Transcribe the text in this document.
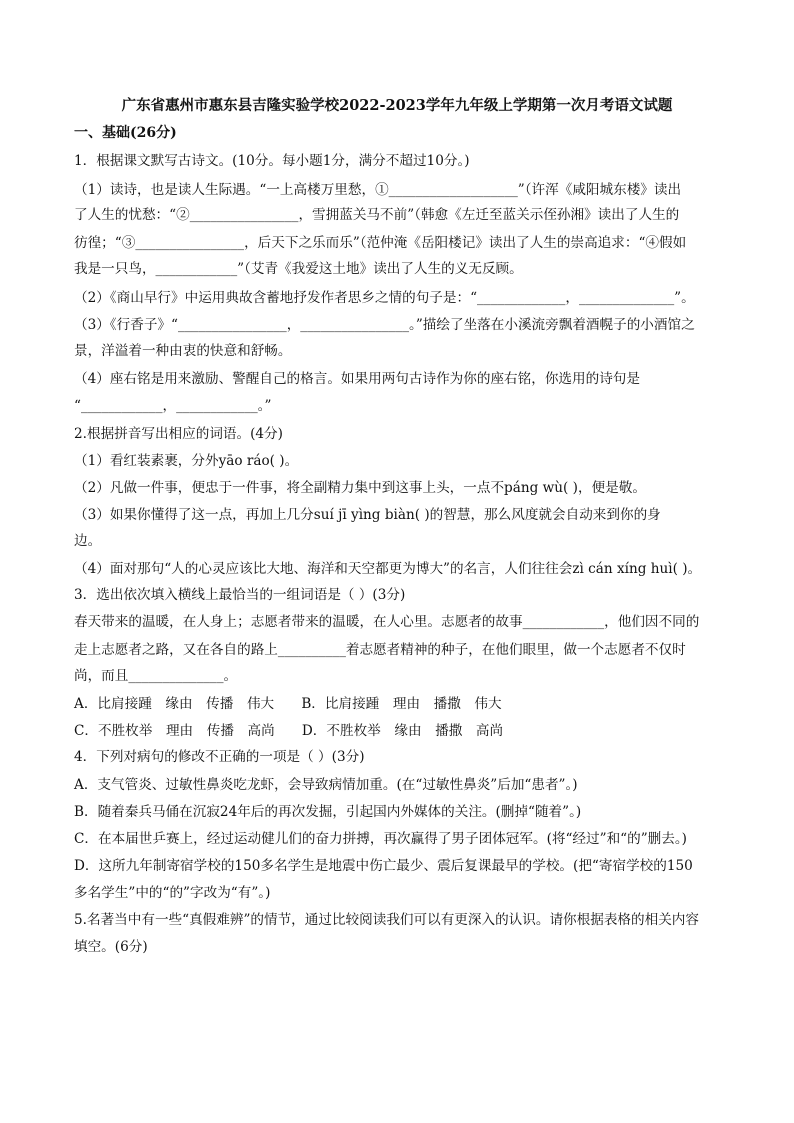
广东省惠州市惠东县吉隆实验学校2022-2023学年九年级上学期第一次月考语文试题
一、基础(26分)
1．根据课文默写古诗文。(10分。每小题1分，满分不超过10分。)
（1）读诗，也是读人生际遇。“一上高楼万里愁，①___________________”（许浑《咸阳城东楼》读出
了人生的忧愁：“②________________，雪拥蓝关马不前”（韩愈《左迁至蓝关示侄孙湘》读出了人生的
彷徨；“③________________，后天下之乐而乐”（范仲淹《岳阳楼记》读出了人生的崇高追求：“④假如
我是一只鸟，____________”（艾青《我爱这土地》读出了人生的义无反顾。
（2）《商山早行》中运用典故含蓄地抒发作者思乡之情的句子是：“_____________，______________”。
（3）《行香子》“________________，________________。”描绘了坐落在小溪流旁飘着酒幌子的小酒馆之
景，洋溢着一种由衷的快意和舒畅。
（4）座右铭是用来激励、警醒自己的格言。如果用两句古诗作为你的座右铭，你选用的诗句是
“____________，____________。”
2.根据拼音写出相应的词语。(4分)
（1）看红装素裹，分外yāo ráo( )。
（2）凡做一件事，便忠于一件事，将全副精力集中到这事上头，一点不páng wù( )，便是敬。
（3）如果你懂得了这一点，再加上几分suí jī yìng biàn( )的智慧，那么风度就会自动来到你的身
边。
（4）面对那句“人的心灵应该比大地、海洋和天空都更为博大”的名言，人们往往会zì cán xíng huì( )。
3．选出依次填入横线上最恰当的一组词语是（ ）(3分)
春天带来的温暖，在人身上；志愿者带来的温暖，在人心里。志愿者的故事____________，他们因不同的
走上志愿者之路，又在各自的路上__________着志愿者精神的种子，在他们眼里，做一个志愿者不仅时
尚，而且______________。
A．比肩接踵　缘由　传播　伟大　　B．比肩接踵　理由　播撒　伟大
C．不胜枚举　理由　传播　高尚　　D．不胜枚举　缘由　播撒　高尚
4．下列对病句的修改不正确的一项是（ ）(3分)
A．支气管炎、过敏性鼻炎吃龙虾，会导致病情加重。(在“过敏性鼻炎”后加“患者”。)
B．随着秦兵马俑在沉寂24年后的再次发掘，引起国内外媒体的关注。(删掉“随着”。)
C．在本届世乒赛上，经过运动健儿们的奋力拼搏，再次赢得了男子团体冠军。(将“经过”和“的”删去。)
D．这所九年制寄宿学校的150多名学生是地震中伤亡最少、震后复课最早的学校。(把“寄宿学校的150
多名学生”中的“的”字改为“有”。)
5.名著当中有一些“真假难辨”的情节，通过比较阅读我们可以有更深入的认识。请你根据表格的相关内容
填空。(6分)
